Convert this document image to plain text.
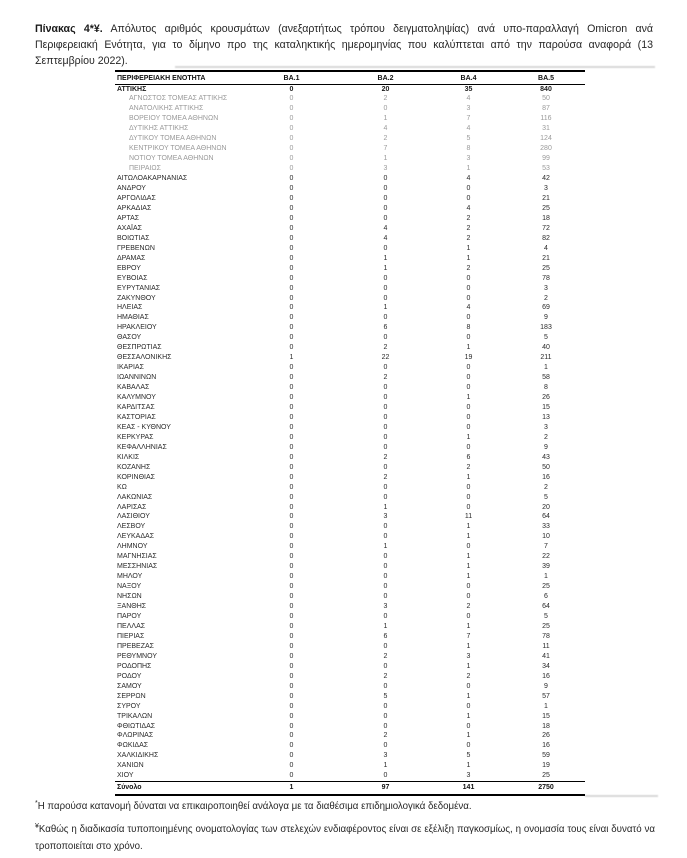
Πίνακας 4*¥. Απόλυτος αριθμός κρουσμάτων (ανεξαρτήτως τρόπου δειγματοληψίας) ανά υπο-παραλλαγή Omicron ανά Περιφερειακή Ενότητα, για το δίμηνο προ της καταληκτικής ημερομηνίας που καλύπτεται από την παρούσα αναφορά (13 Σεπτεμβρίου 2022).

ΠΕΡΙΦΕΡΕΙΑΚΗ ΕΝΟΤΗΤΑ	ΒΑ.1	ΒΑ.2	ΒΑ.4	ΒΑ.5
ΑΤΤΙΚΗΣ	0	20	35	840
ΑΓΝΩΣΤΟΣ ΤΟΜΕΑΣ ΑΤΤΙΚΗΣ	0	2	4	50
ΑΝΑΤΟΛΙΚΗΣ ΑΤΤΙΚΗΣ	0	0	3	87
ΒΟΡΕΙΟΥ ΤΟΜΕΑ ΑΘΗΝΩΝ	0	1	7	116
ΔΥΤΙΚΗΣ ΑΤΤΙΚΗΣ	0	4	4	31
ΔΥΤΙΚΟΥ ΤΟΜΕΑ ΑΘΗΝΩΝ	0	2	5	124
ΚΕΝΤΡΙΚΟΥ ΤΟΜΕΑ ΑΘΗΝΩΝ	0	7	8	280
ΝΟΤΙΟΥ ΤΟΜΕΑ ΑΘΗΝΩΝ	0	1	3	99
ΠΕΙΡΑΙΩΣ	0	3	1	53
ΑΙΤΩΛΟΑΚΑΡΝΑΝΙΑΣ	0	0	4	42
ΑΝΔΡΟΥ	0	0	0	3
ΑΡΓΟΛΙΔΑΣ	0	0	0	21
ΑΡΚΑΔΙΑΣ	0	0	4	25
ΑΡΤΑΣ	0	0	2	18
ΑΧΑΪΑΣ	0	4	2	72
ΒΟΙΩΤΙΑΣ	0	4	2	82
ΓΡΕΒΕΝΩΝ	0	0	1	4
ΔΡΑΜΑΣ	0	1	1	21
ΕΒΡΟΥ	0	1	2	25
ΕΥΒΟΙΑΣ	0	0	0	78
ΕΥΡΥΤΑΝΙΑΣ	0	0	0	3
ΖΑΚΥΝΘΟΥ	0	0	0	2
ΗΛΕΙΑΣ	0	1	4	69
ΗΜΑΘΙΑΣ	0	0	0	9
ΗΡΑΚΛΕΙΟΥ	0	6	8	183
ΘΑΣΟΥ	0	0	0	5
ΘΕΣΠΡΩΤΙΑΣ	0	2	1	40
ΘΕΣΣΑΛΟΝΙΚΗΣ	1	22	19	211
ΙΚΑΡΙΑΣ	0	0	0	1
ΙΩΑΝΝΙΝΩΝ	0	2	0	58
ΚΑΒΑΛΑΣ	0	0	0	8
ΚΑΛΥΜΝΟΥ	0	0	1	26
ΚΑΡΔΙΤΣΑΣ	0	0	0	15
ΚΑΣΤΟΡΙΑΣ	0	0	0	13
ΚΕΑΣ - ΚΥΘΝΟΥ	0	0	0	3
ΚΕΡΚΥΡΑΣ	0	0	1	2
ΚΕΦΑΛΛΗΝΙΑΣ	0	0	0	9
ΚΙΛΚΙΣ	0	2	6	43
ΚΟΖΑΝΗΣ	0	0	2	50
ΚΟΡΙΝΘΙΑΣ	0	2	1	16
ΚΩ	0	0	0	2
ΛΑΚΩΝΙΑΣ	0	0	0	5
ΛΑΡΙΣΑΣ	0	1	0	20
ΛΑΣΙΘΙΟΥ	0	3	11	64
ΛΕΣΒΟΥ	0	0	1	33
ΛΕΥΚΑΔΑΣ	0	0	1	10
ΛΗΜΝΟΥ	0	1	0	7
ΜΑΓΝΗΣΙΑΣ	0	0	1	22
ΜΕΣΣΗΝΙΑΣ	0	0	1	39
ΜΗΛΟΥ	0	0	1	1
ΝΑΞΟΥ	0	0	0	25
ΝΗΣΩΝ	0	0	0	6
ΞΑΝΘΗΣ	0	3	2	64
ΠΑΡΟΥ	0	0	0	5
ΠΕΛΛΑΣ	0	1	1	25
ΠΙΕΡΙΑΣ	0	6	7	78
ΠΡΕΒΕΖΑΣ	0	0	1	11
ΡΕΘΥΜΝΟΥ	0	2	3	41
ΡΟΔΟΠΗΣ	0	0	1	34
ΡΟΔΟΥ	0	2	2	16
ΣΑΜΟΥ	0	0	0	9
ΣΕΡΡΩΝ	0	5	1	57
ΣΥΡΟΥ	0	0	0	1
ΤΡΙΚΑΛΩΝ	0	0	1	15
ΦΘΙΩΤΙΔΑΣ	0	0	0	18
ΦΛΩΡΙΝΑΣ	0	2	1	26
ΦΩΚΙΔΑΣ	0	0	0	16
ΧΑΛΚΙΔΙΚΗΣ	0	3	5	59
ΧΑΝΙΩΝ	0	1	1	19
ΧΙΟΥ	0	0	3	25
Σύνολο	1	97	141	2750

*Η παρούσα κατανομή δύναται να επικαιροποιηθεί ανάλογα με τα διαθέσιμα επιδημιολογικά δεδομένα.

¥Καθώς η διαδικασία τυποποιημένης ονοματολογίας των στελεχών ενδιαφέροντος είναι σε εξέλιξη παγκοσμίως, η ονομασία τους είναι δυνατό να τροποποιείται στο χρόνο.
